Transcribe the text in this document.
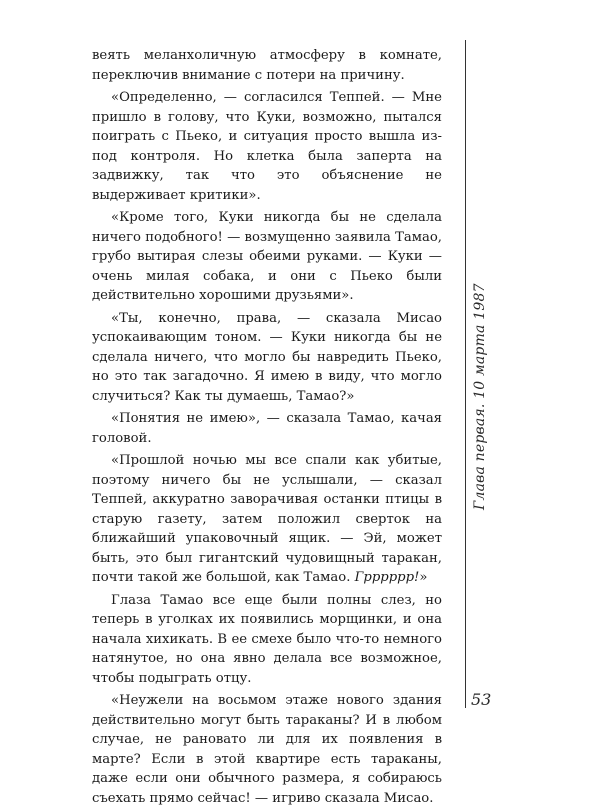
веять меланхоличную атмосферу в комнате, переключив внимание с потери на причину.

«Определенно, — согласился Теппей. — Мне пришло в голову, что Куки, возможно, пытался поиграть с Пьеко, и ситуация просто вышла из-под контроля. Но клетка была заперта на задвижку, так что это объяснение не выдерживает критики».

«Кроме того, Куки никогда бы не сделала ничего подобного! — возмущенно заявила Тамао, грубо вытирая слезы обеими руками. — Куки — очень милая собака, и они с Пьеко были действительно хорошими друзьями».

«Ты, конечно, права, — сказала Мисао успокаивающим тоном. — Куки никогда бы не сделала ничего, что могло бы навредить Пьеко, но это так загадочно. Я имею в виду, что могло случиться? Как ты думаешь, Тамао?»

«Понятия не имею», — сказала Тамао, качая головой.

«Прошлой ночью мы все спали как убитые, поэтому ничего бы не услышали, — сказал Теппей, аккуратно заворачивая останки птицы в старую газету, затем положил сверток на ближайший упаковочный ящик. — Эй, может быть, это был гигантский чудовищный таракан, почти такой же большой, как Тамао. Грррррр!»

Глаза Тамао все еще были полны слез, но теперь в уголках их появились морщинки, и она начала хихикать. В ее смехе было что-то немного натянутое, но она явно делала все возможное, чтобы подыграть отцу.

«Неужели на восьмом этаже нового здания действительно могут быть тараканы? И в любом случае, не рановато ли для их появления в марте? Если в этой квартире есть тараканы, даже если они обычного размера, я собираюсь съехать прямо сейчас! — игриво сказала Мисао.

Глава первая. 10 марта 1987
53
